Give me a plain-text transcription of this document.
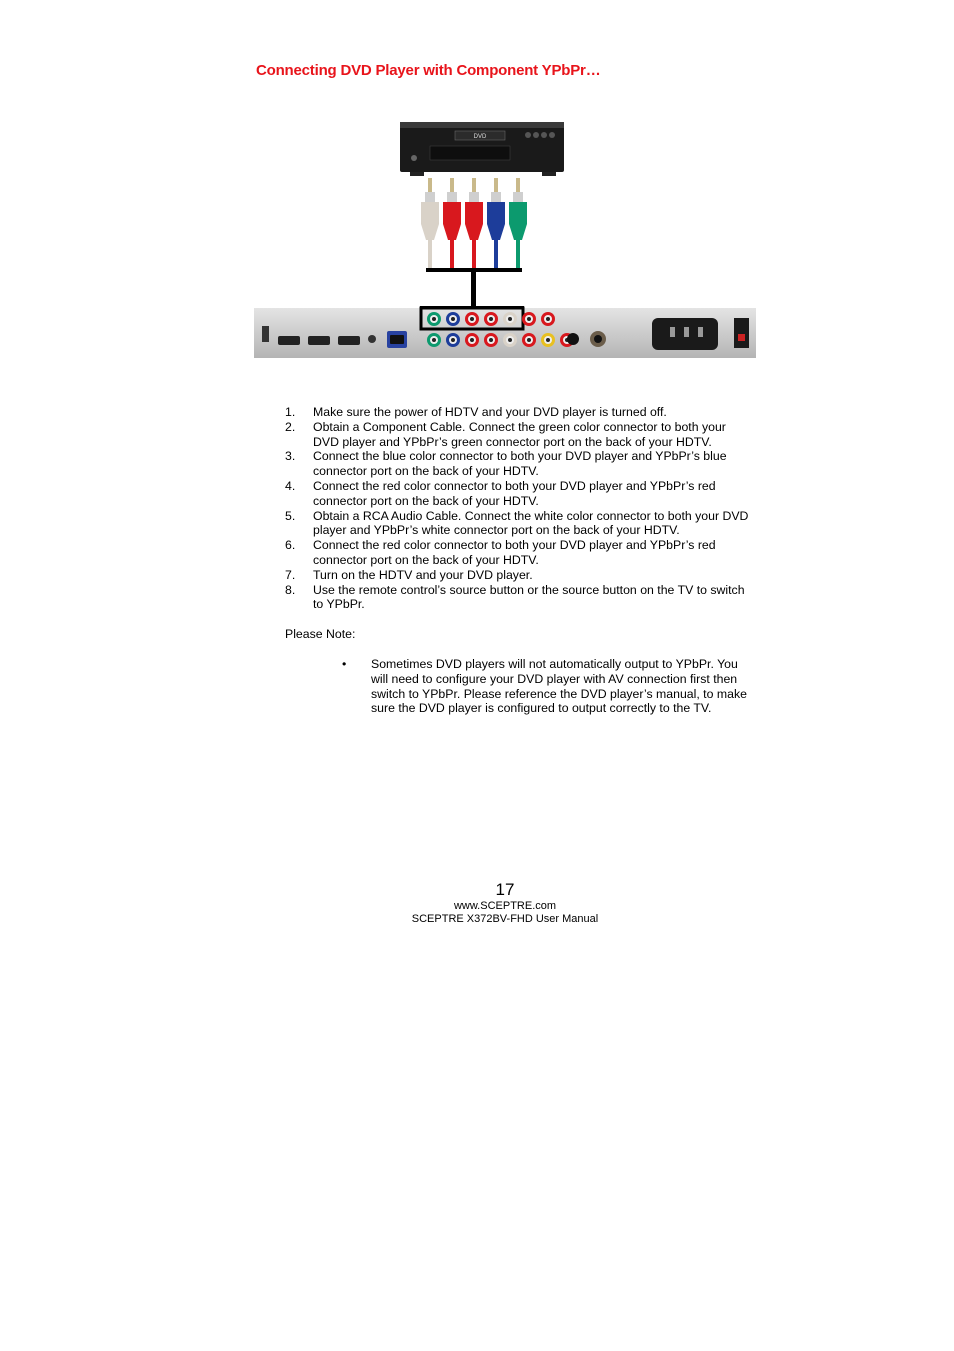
Connecting DVD Player with Component YPbPr…
DVD
1. Make sure the power of HDTV and your DVD player is turned off.
2. Obtain a Component Cable. Connect the green color connector to both your DVD player and YPbPr’s green connector port on the back of your HDTV.
3. Connect the blue color connector to both your DVD player and YPbPr’s blue connector port on the back of your HDTV.
4. Connect the red color connector to both your DVD player and YPbPr’s red connector port on the back of your HDTV.
5. Obtain a RCA Audio Cable. Connect the white color connector to both your DVD player and YPbPr’s white connector port on the back of your HDTV.
6. Connect the red color connector to both your DVD player and YPbPr’s red connector port on the back of your HDTV.
7. Turn on the HDTV and your DVD player.
8. Use the remote control’s source button or the source button on the TV to switch to YPbPr.
Please Note:
• Sometimes DVD players will not automatically output to YPbPr. You will need to configure your DVD player with AV connection first then switch to YPbPr. Please reference the DVD player’s manual, to make sure the DVD player is configured to output correctly to the TV.
17
www.SCEPTRE.com
SCEPTRE X372BV-FHD User Manual
